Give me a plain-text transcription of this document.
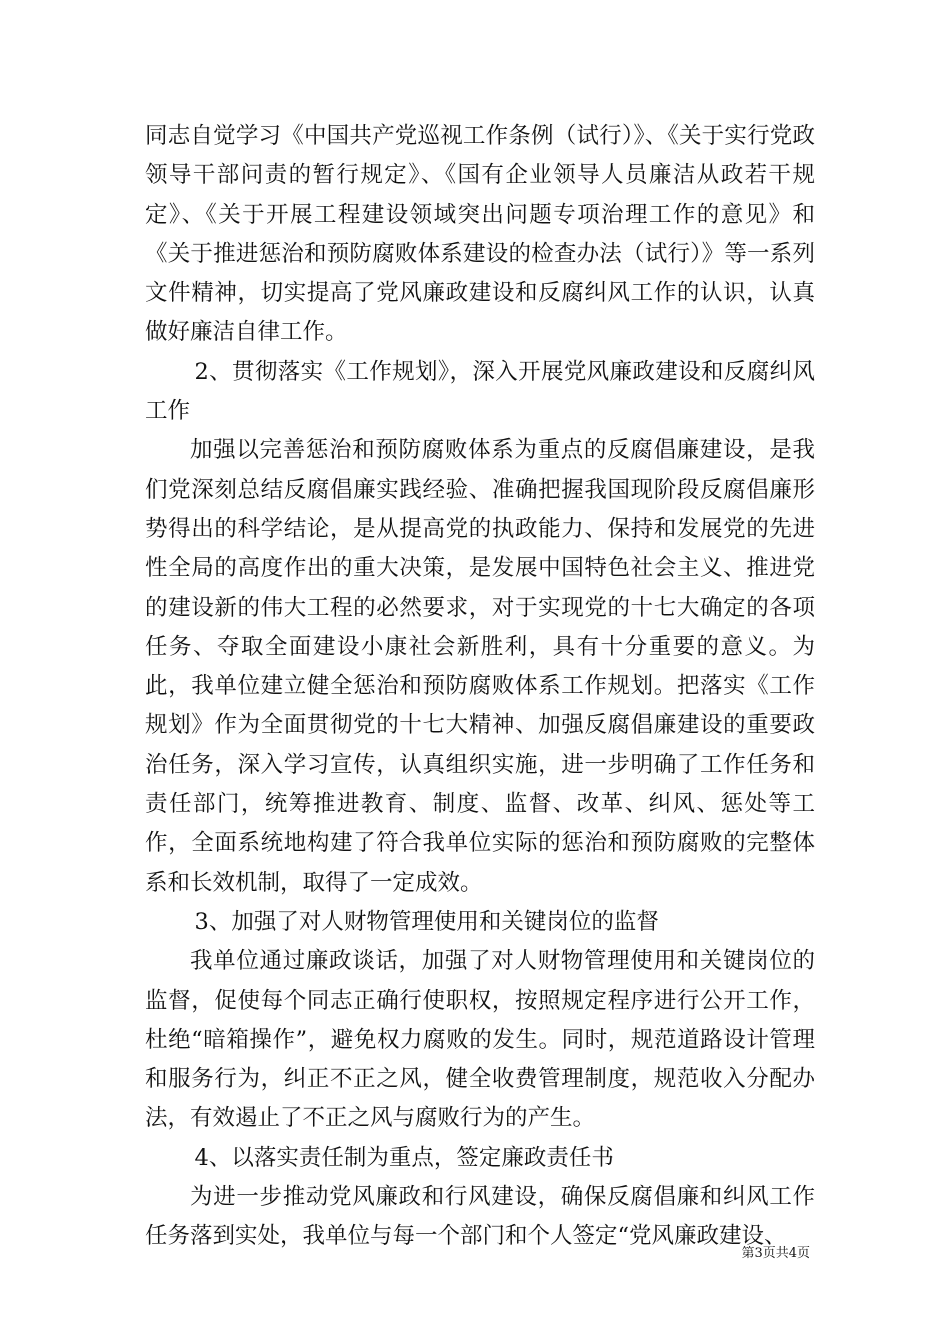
同志自觉学习《中国共产党巡视工作条例（试行）》、《关于实行党政领导干部问责的暂行规定》、《国有企业领导人员廉洁从政若干规定》、《关于开展工程建设领域突出问题专项治理工作的意见》和《关于推进惩治和预防腐败体系建设的检查办法（试行）》等一系列文件精神，切实提高了党风廉政建设和反腐纠风工作的认识，认真做好廉洁自律工作。

2、贯彻落实《工作规划》，深入开展党风廉政建设和反腐纠风工作

加强以完善惩治和预防腐败体系为重点的反腐倡廉建设，是我们党深刻总结反腐倡廉实践经验、准确把握我国现阶段反腐倡廉形势得出的科学结论，是从提高党的执政能力、保持和发展党的先进性全局的高度作出的重大决策，是发展中国特色社会主义、推进党的建设新的伟大工程的必然要求，对于实现党的十七大确定的各项任务、夺取全面建设小康社会新胜利，具有十分重要的意义。为此，我单位建立健全惩治和预防腐败体系工作规划。把落实《工作规划》作为全面贯彻党的十七大精神、加强反腐倡廉建设的重要政治任务，深入学习宣传，认真组织实施，进一步明确了工作任务和责任部门，统筹推进教育、制度、监督、改革、纠风、惩处等工作，全面系统地构建了符合我单位实际的惩治和预防腐败的完整体系和长效机制，取得了一定成效。

3、加强了对人财物管理使用和关键岗位的监督

我单位通过廉政谈话，加强了对人财物管理使用和关键岗位的监督，促使每个同志正确行使职权，按照规定程序进行公开工作，杜绝“暗箱操作”，避免权力腐败的发生。同时，规范道路设计管理和服务行为，纠正不正之风，健全收费管理制度，规范收入分配办法，有效遏止了不正之风与腐败行为的产生。

4、以落实责任制为重点，签定廉政责任书

为进一步推动党风廉政和行风建设，确保反腐倡廉和纠风工作任务落到实处，我单位与每一个部门和个人签定“党风廉政建设、

第3页共4页
